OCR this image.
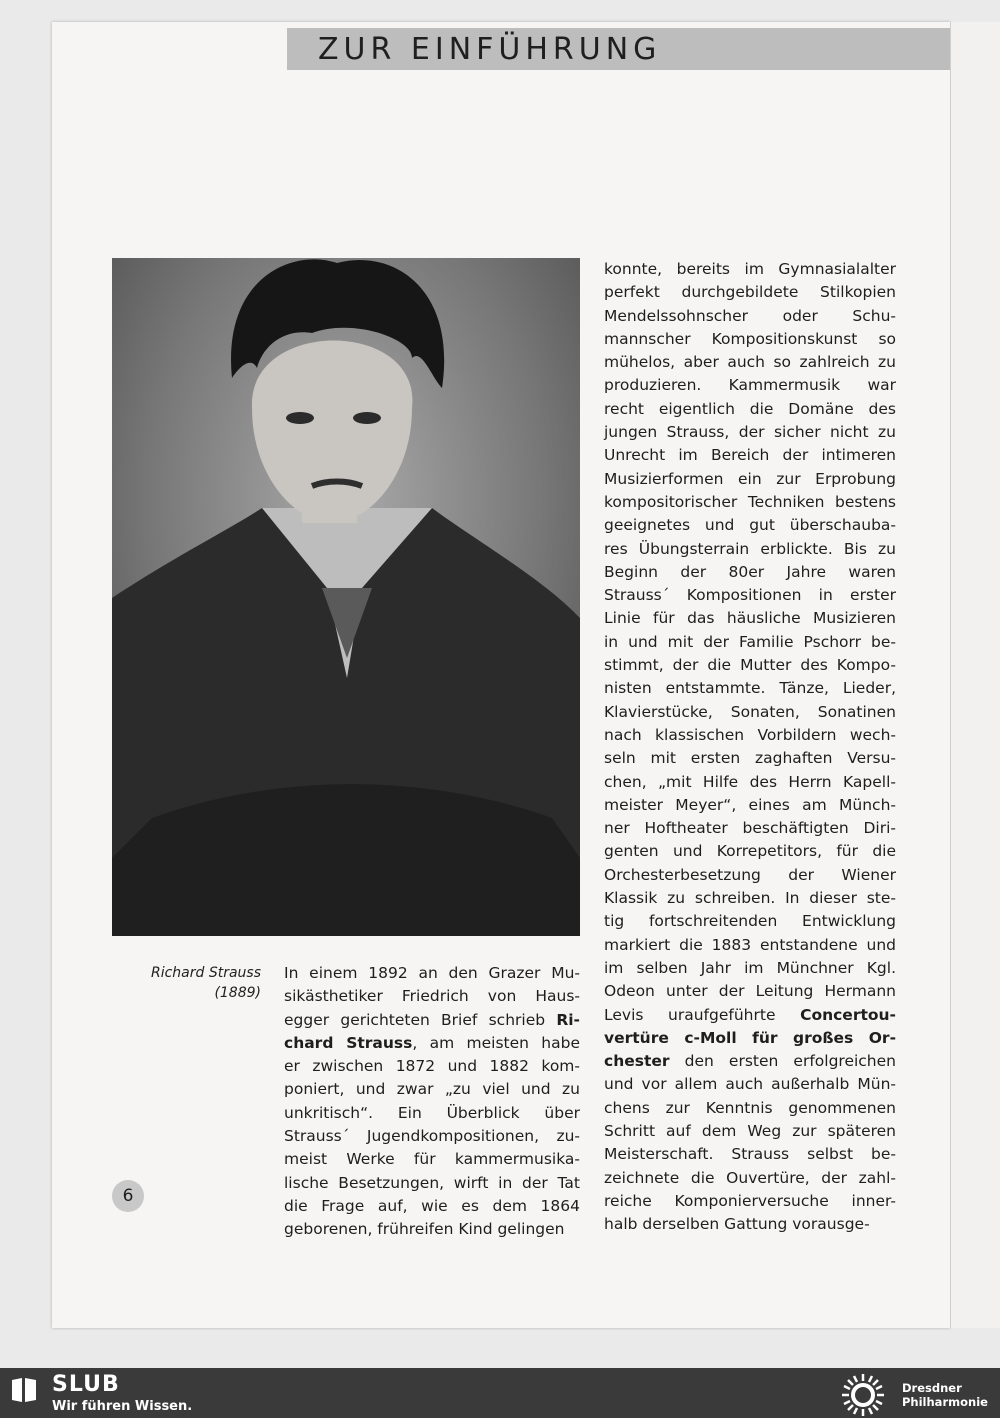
ZUR EINFÜHRUNG
Richard Strauss
(1889)
In einem 1892 an den Grazer Mu-
sikästhetiker Friedrich von Haus-
egger gerichteten Brief schrieb Ri-
chard Strauss, am meisten habe
er zwischen 1872 und 1882 kom-
poniert, und zwar „zu viel und zu
unkritisch“. Ein Überblick über
Strauss´ Jugendkompositionen, zu-
meist Werke für kammermusika-
lische Besetzungen, wirft in der Tat
die Frage auf, wie es dem 1864
geborenen, frühreifen Kind gelingen
konnte, bereits im Gymnasialalter
perfekt durchgebildete Stilkopien
Mendelssohnscher oder Schu-
mannscher Kompositionskunst so
mühelos, aber auch so zahlreich zu
produzieren. Kammermusik war
recht eigentlich die Domäne des
jungen Strauss, der sicher nicht zu
Unrecht im Bereich der intimeren
Musizierformen ein zur Erprobung
kompositorischer Techniken bestens
geeignetes und gut überschauba-
res Übungsterrain erblickte. Bis zu
Beginn der 80er Jahre waren
Strauss´ Kompositionen in erster
Linie für das häusliche Musizieren
in und mit der Familie Pschorr be-
stimmt, der die Mutter des Kompo-
nisten entstammte. Tänze, Lieder,
Klavierstücke, Sonaten, Sonatinen
nach klassischen Vorbildern wech-
seln mit ersten zaghaften Versu-
chen, „mit Hilfe des Herrn Kapell-
meister Meyer“, eines am Münch-
ner Hoftheater beschäftigten Diri-
genten und Korrepetitors, für die
Orchesterbesetzung der Wiener
Klassik zu schreiben. In dieser ste-
tig fortschreitenden Entwicklung
markiert die 1883 entstandene und
im selben Jahr im Münchner Kgl.
Odeon unter der Leitung Hermann
Levis uraufgeführte Concertou-
vertüre c-Moll für großes Or-
chester den ersten erfolgreichen
und vor allem auch außerhalb Mün-
chens zur Kenntnis genommenen
Schritt auf dem Weg zur späteren
Meisterschaft. Strauss selbst be-
zeichnete die Ouvertüre, der zahl-
reiche Komponierversuche inner-
halb derselben Gattung vorausge-
6
SLUB
Wir führen Wissen.
Dresdner
Philharmonie
